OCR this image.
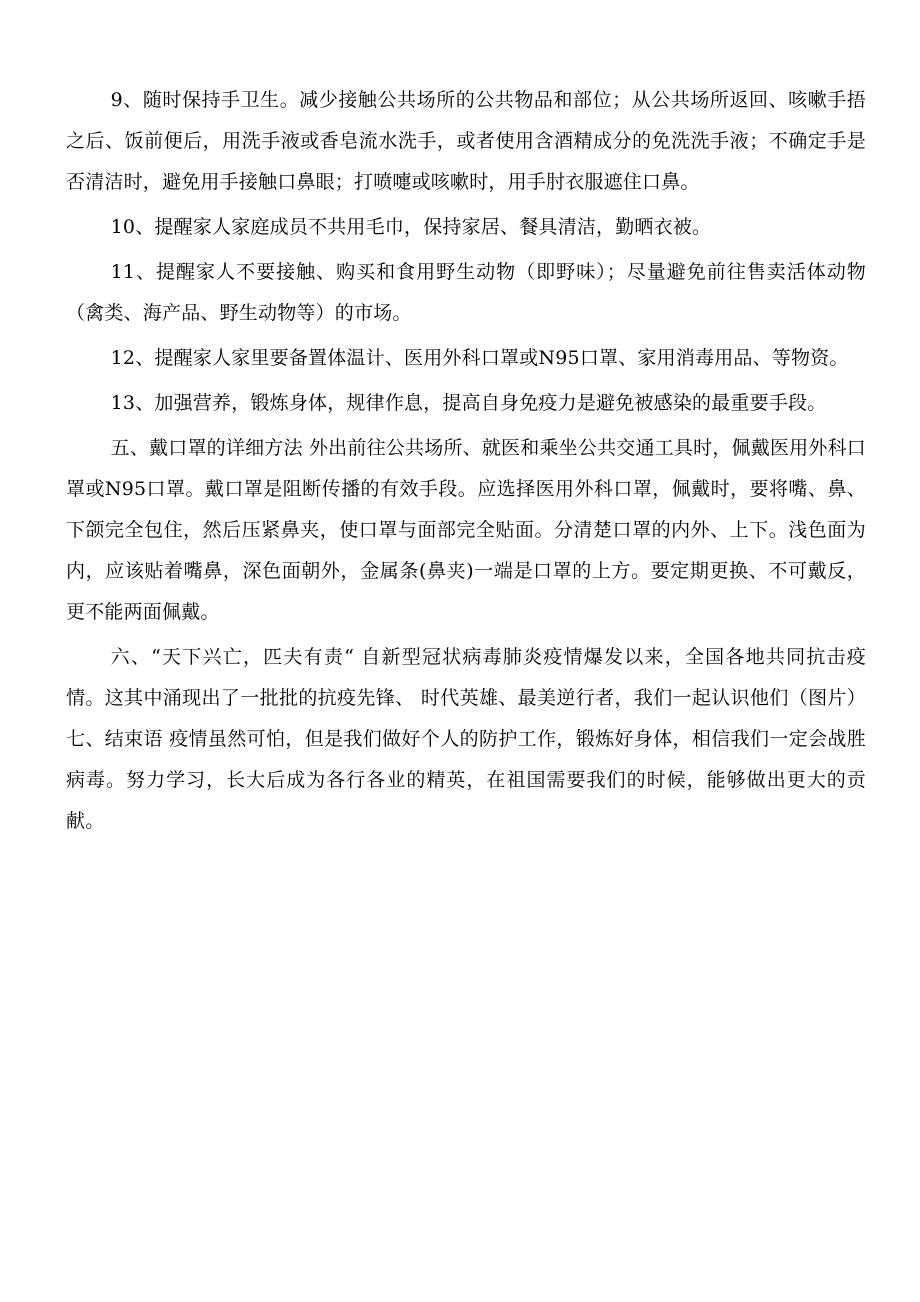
9、随时保持手卫生。减少接触公共场所的公共物品和部位；从公共场所返回、咳嗽手捂之后、饭前便后，用洗手液或香皂流水洗手，或者使用含酒精成分的免洗洗手液；不确定手是否清洁时，避免用手接触口鼻眼；打喷嚏或咳嗽时，用手肘衣服遮住口鼻。

10、提醒家人家庭成员不共用毛巾，保持家居、餐具清洁，勤晒衣被。

11、提醒家人不要接触、购买和食用野生动物（即野味）；尽量避免前往售卖活体动物（禽类、海产品、野生动物等）的市场。

12、提醒家人家里要备置体温计、医用外科口罩或N95口罩、家用消毒用品、等物资。

13、加强营养，锻炼身体，规律作息，提高自身免疫力是避免被感染的最重要手段。

五、戴口罩的详细方法 外出前往公共场所、就医和乘坐公共交通工具时，佩戴医用外科口罩或N95口罩。戴口罩是阻断传播的有效手段。应选择医用外科口罩，佩戴时，要将嘴、鼻、下颌完全包住，然后压紧鼻夹，使口罩与面部完全贴面。分清楚口罩的内外、上下。浅色面为内，应该贴着嘴鼻，深色面朝外，金属条(鼻夹)一端是口罩的上方。要定期更换、不可戴反，更不能两面佩戴。

六、“天下兴亡，匹夫有责“ 自新型冠状病毒肺炎疫情爆发以来，全国各地共同抗击疫情。这其中涌现出了一批批的抗疫先锋、 时代英雄、最美逆行者，我们一起认识他们（图片） 七、结束语 疫情虽然可怕，但是我们做好个人的防护工作，锻炼好身体，相信我们一定会战胜病毒。努力学习，长大后成为各行各业的精英，在祖国需要我们的时候，能够做出更大的贡献。
